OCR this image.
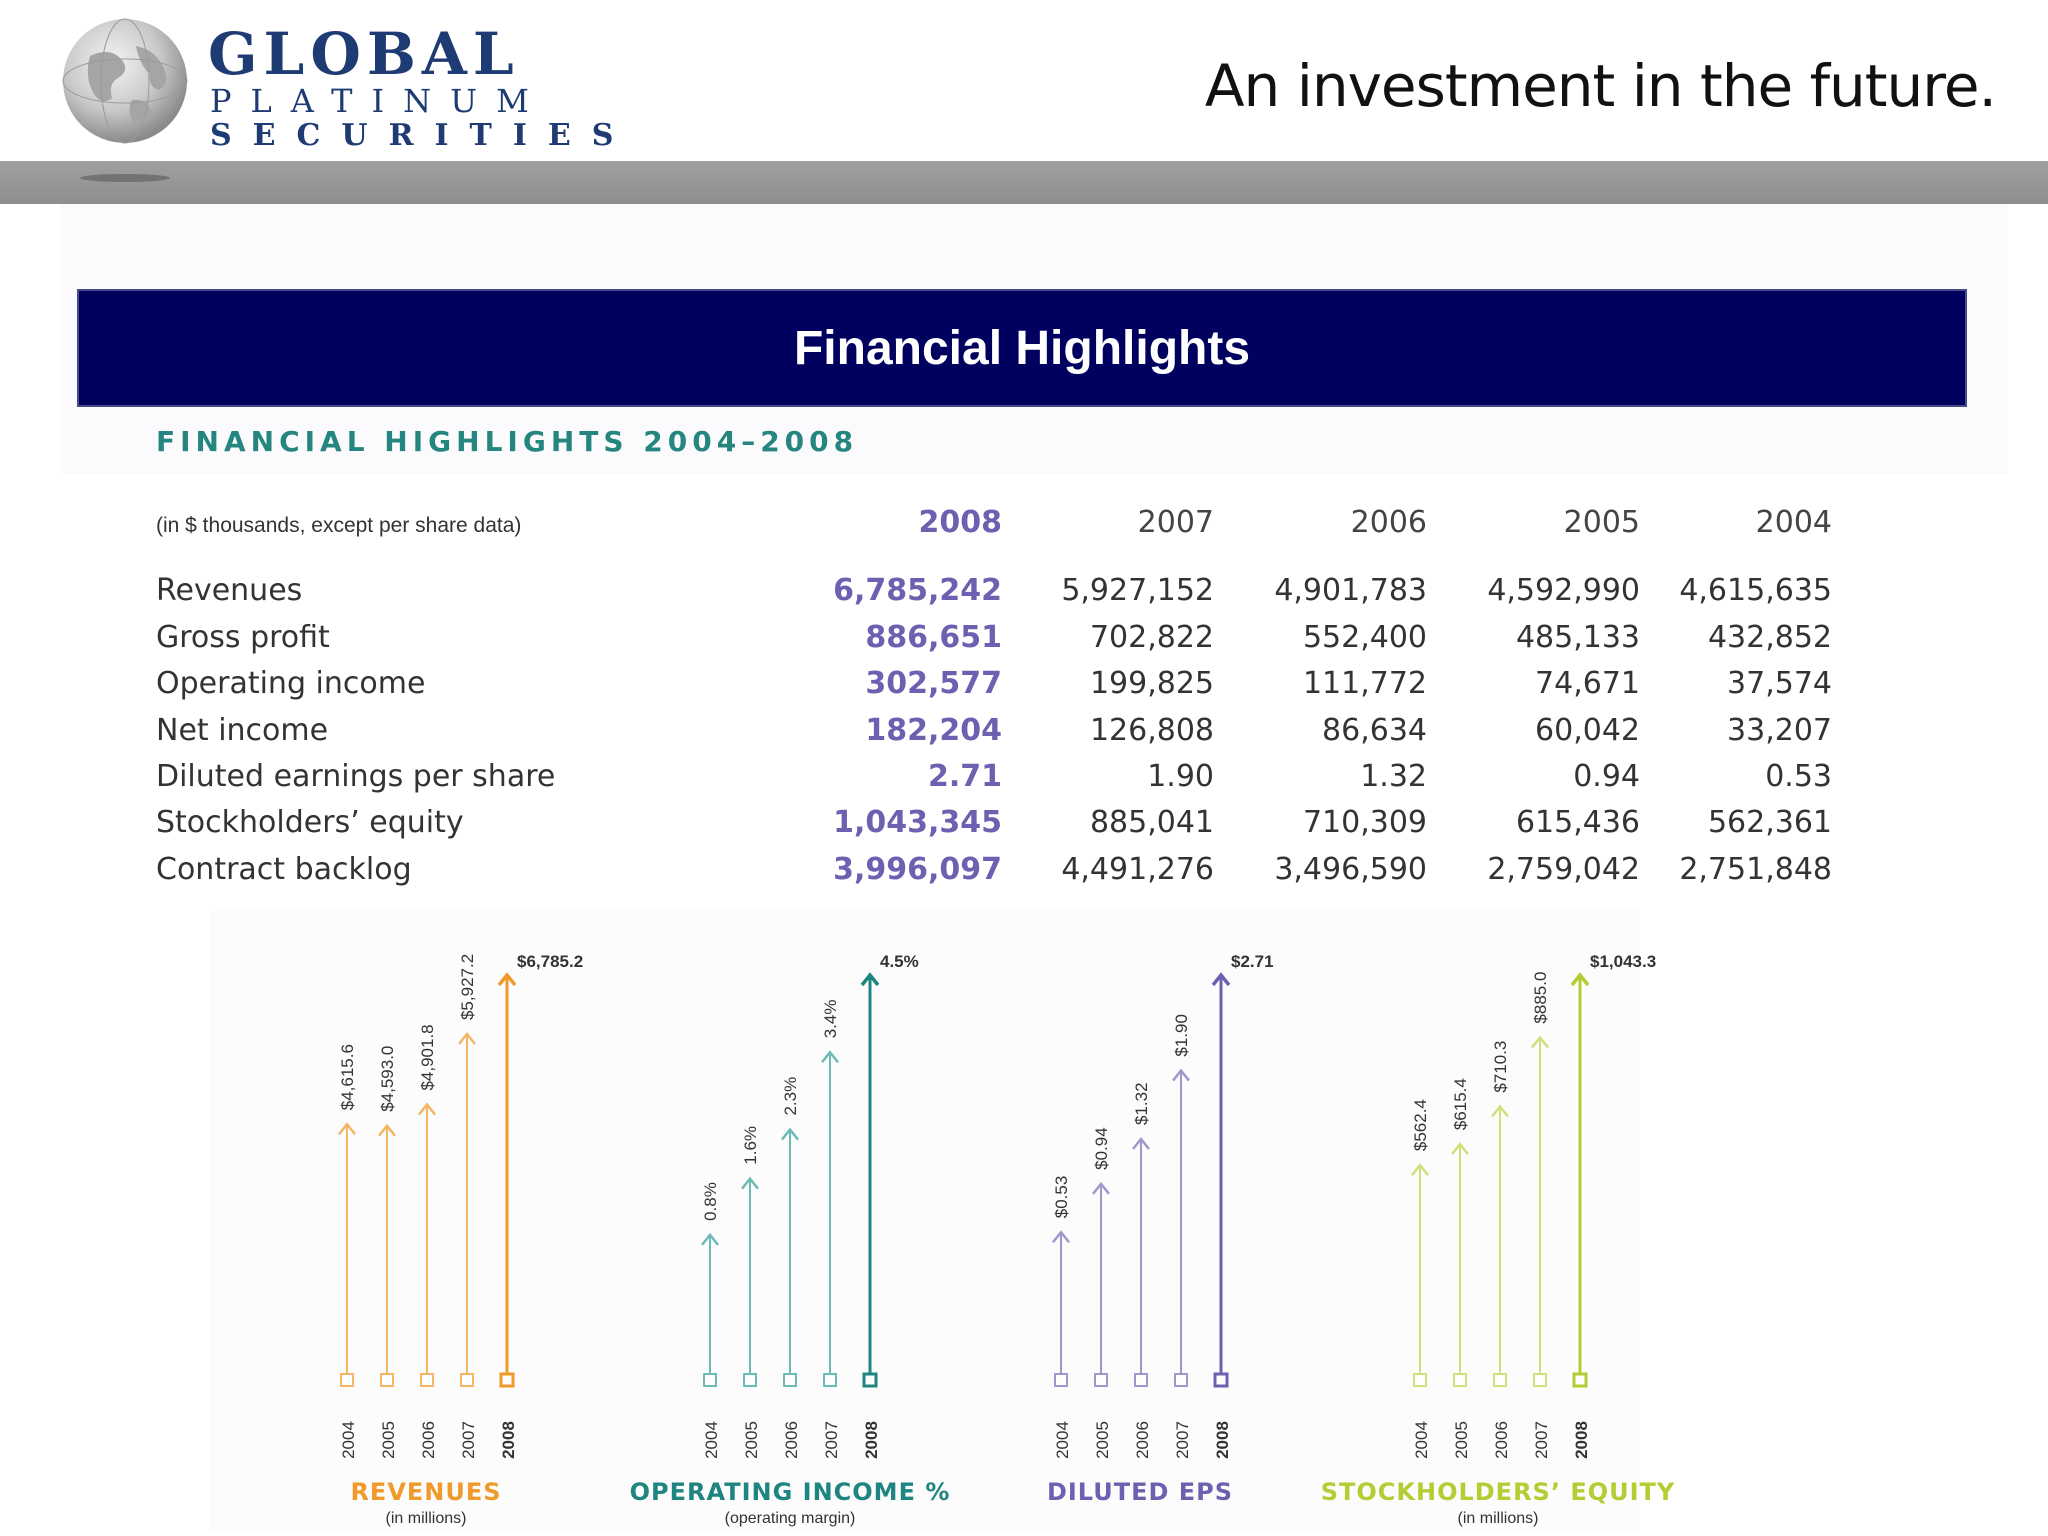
GLOBAL
PLATINUM
SECURITIES
An investment in the future.
Financial Highlights
FINANCIAL HIGHLIGHTS 2004–2008
(in $ thousands, except per share data)	2008	2007	2006	2005	2004
Revenues	6,785,242	5,927,152	4,901,783	4,592,990	4,615,635
Gross profit	886,651	702,822	552,400	485,133	432,852
Operating income	302,577	199,825	111,772	74,671	37,574
Net income	182,204	126,808	86,634	60,042	33,207
Diluted earnings per share	2.71	1.90	1.32	0.94	0.53
Stockholders’ equity	1,043,345	885,041	710,309	615,436	562,361
Contract backlog	3,996,097	4,491,276	3,496,590	2,759,042	2,751,848
2004
$4,615.6
2005
$4,593.0
2006
$4,901.8
2007
$5,927.2
2008
$6,785.2
2004
0.8%
2005
1.6%
2006
2.3%
2007
3.4%
2008
4.5%
2004
$0.53
2005
$0.94
2006
$1.32
2007
$1.90
2008
$2.71
2004
$562.4
2005
$615.4
2006
$710.3
2007
$885.0
2008
$1,043.3
REVENUES
(in millions)
OPERATING INCOME %
(operating margin)
DILUTED EPS	STOCKHOLDERS’ EQUITY
(in millions)
